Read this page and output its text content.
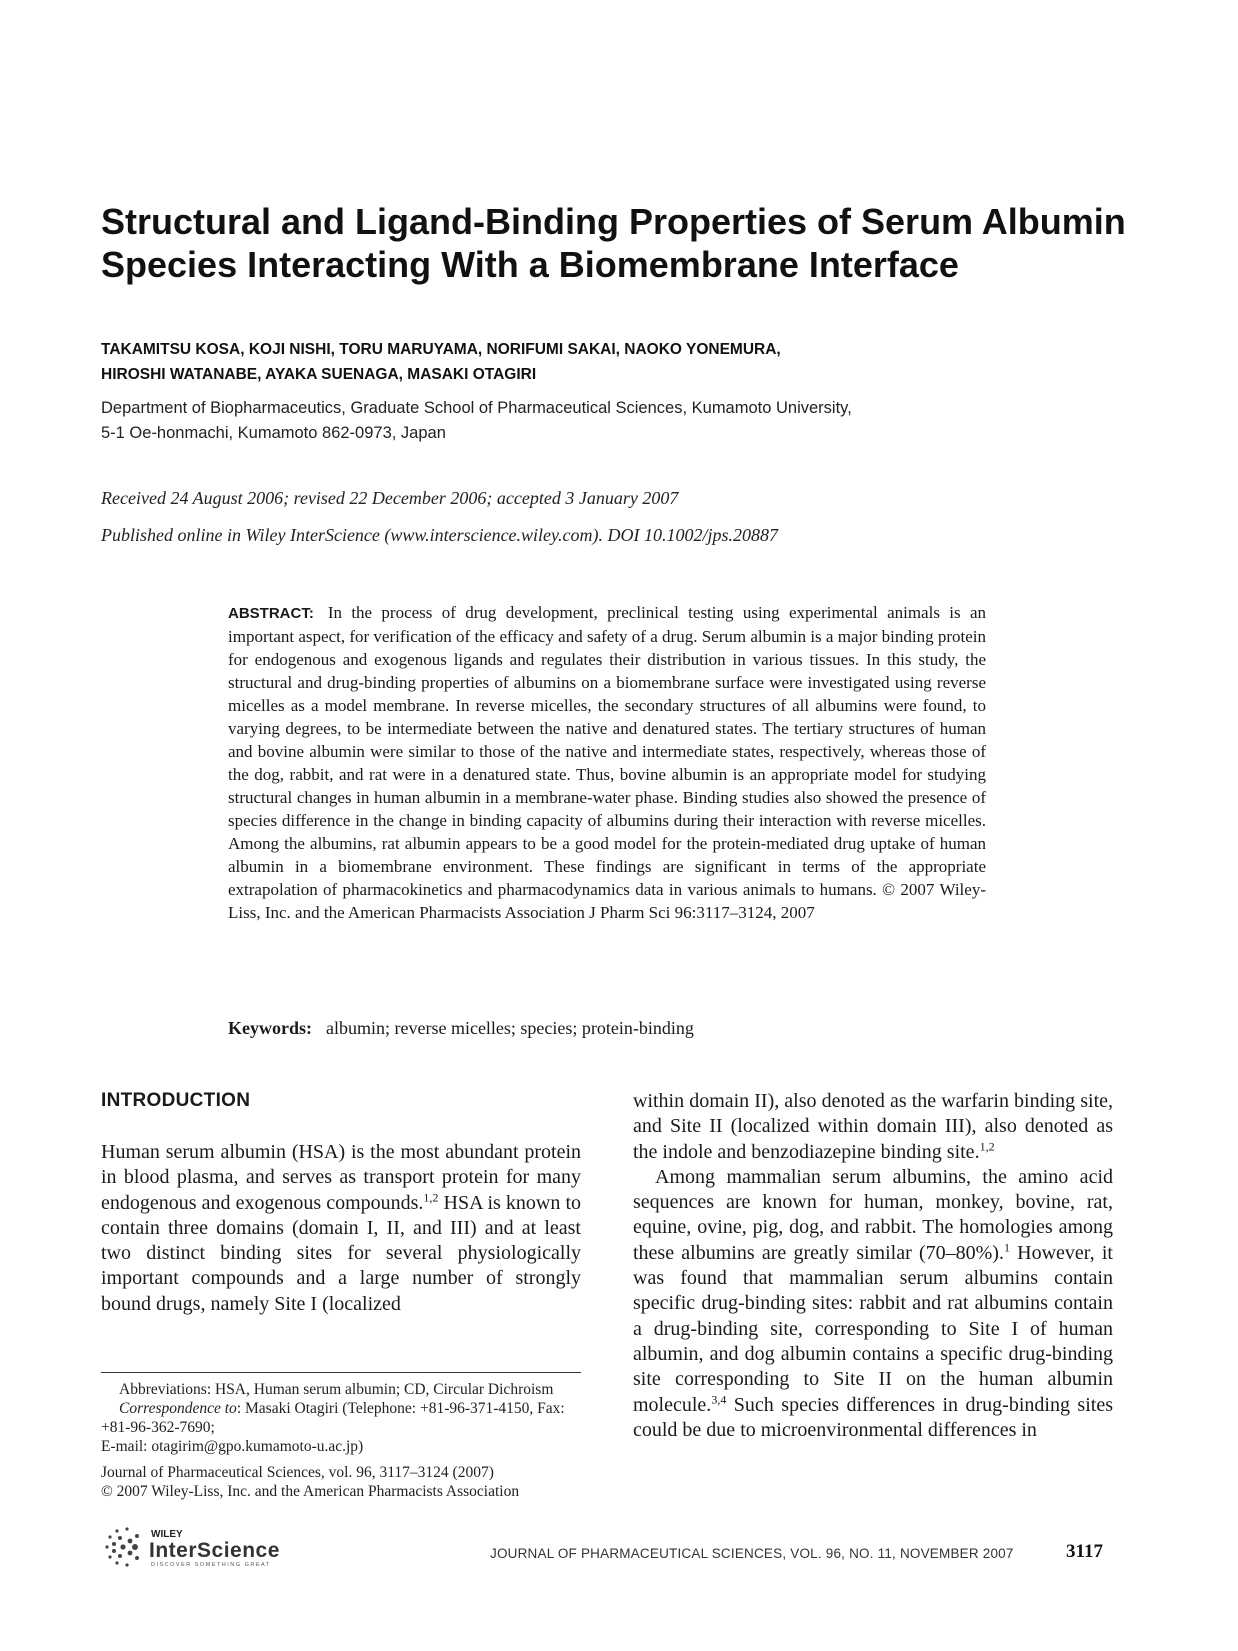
Structural and Ligand-Binding Properties of Serum Albumin
Species Interacting With a Biomembrane Interface
TAKAMITSU KOSA, KOJI NISHI, TORU MARUYAMA, NORIFUMI SAKAI, NAOKO YONEMURA,
HIROSHI WATANABE, AYAKA SUENAGA, MASAKI OTAGIRI
Department of Biopharmaceutics, Graduate School of Pharmaceutical Sciences, Kumamoto University,
5-1 Oe-honmachi, Kumamoto 862-0973, Japan
Received 24 August 2006; revised 22 December 2006; accepted 3 January 2007
Published online in Wiley InterScience (www.interscience.wiley.com). DOI 10.1002/jps.20887
ABSTRACT: In the process of drug development, preclinical testing using experimental animals is an important aspect, for verification of the efficacy and safety of a drug. Serum albumin is a major binding protein for endogenous and exogenous ligands and regulates their distribution in various tissues. In this study, the structural and drug-binding properties of albumins on a biomembrane surface were investigated using reverse micelles as a model membrane. In reverse micelles, the secondary structures of all albumins were found, to varying degrees, to be intermediate between the native and denatured states. The tertiary structures of human and bovine albumin were similar to those of the native and intermediate states, respectively, whereas those of the dog, rabbit, and rat were in a denatured state. Thus, bovine albumin is an appropriate model for studying structural changes in human albumin in a membrane-water phase. Binding studies also showed the presence of species difference in the change in binding capacity of albumins during their interaction with reverse micelles. Among the albumins, rat albumin appears to be a good model for the protein-mediated drug uptake of human albumin in a biomembrane environment. These findings are significant in terms of the appropriate extrapolation of pharmacokinetics and pharmacodynamics data in various animals to humans. © 2007 Wiley-Liss, Inc. and the American Pharmacists Association J Pharm Sci 96:3117–3124, 2007
Keywords: albumin; reverse micelles; species; protein-binding
INTRODUCTION

Human serum albumin (HSA) is the most abundant protein in blood plasma, and serves as transport protein for many endogenous and exogenous compounds.$^{1,2}$ HSA is known to contain three domains (domain I, II, and III) and at least two distinct binding sites for several physiologically important compounds and a large number of strongly bound drugs, namely Site I (localized

within domain II), also denoted as the warfarin binding site, and Site II (localized within domain III), also denoted as the indole and benzodiazepine binding site.$^{1,2}$

Among mammalian serum albumins, the amino acid sequences are known for human, monkey, bovine, rat, equine, ovine, pig, dog, and rabbit. The homologies among these albumins are greatly similar (70–80%).$^1$ However, it was found that mammalian serum albumins contain specific drug-binding sites: rabbit and rat albumins contain a drug-binding site, corresponding to Site I of human albumin, and dog albumin contains a specific drug-binding site corresponding to Site II on the human albumin molecule.$^{3,4}$ Such species differences in drug-binding sites could be due to microenvironmental differences in

Abbreviations: HSA, Human serum albumin; CD, Circular Dichroism

Correspondence to: Masaki Otagiri (Telephone: +81-96-371-4150, Fax: +81-96-362-7690;

E-mail: otagirim@gpo.kumamoto-u.ac.jp)

Journal of Pharmaceutical Sciences, vol. 96, 3117–3124 (2007)

© 2007 Wiley-Liss, Inc. and the American Pharmacists Association

WILEY
InterScience
DISCOVER SOMETHING GREAT
JOURNAL OF PHARMACEUTICAL SCIENCES, VOL. 96, NO. 11, NOVEMBER 2007	3117
